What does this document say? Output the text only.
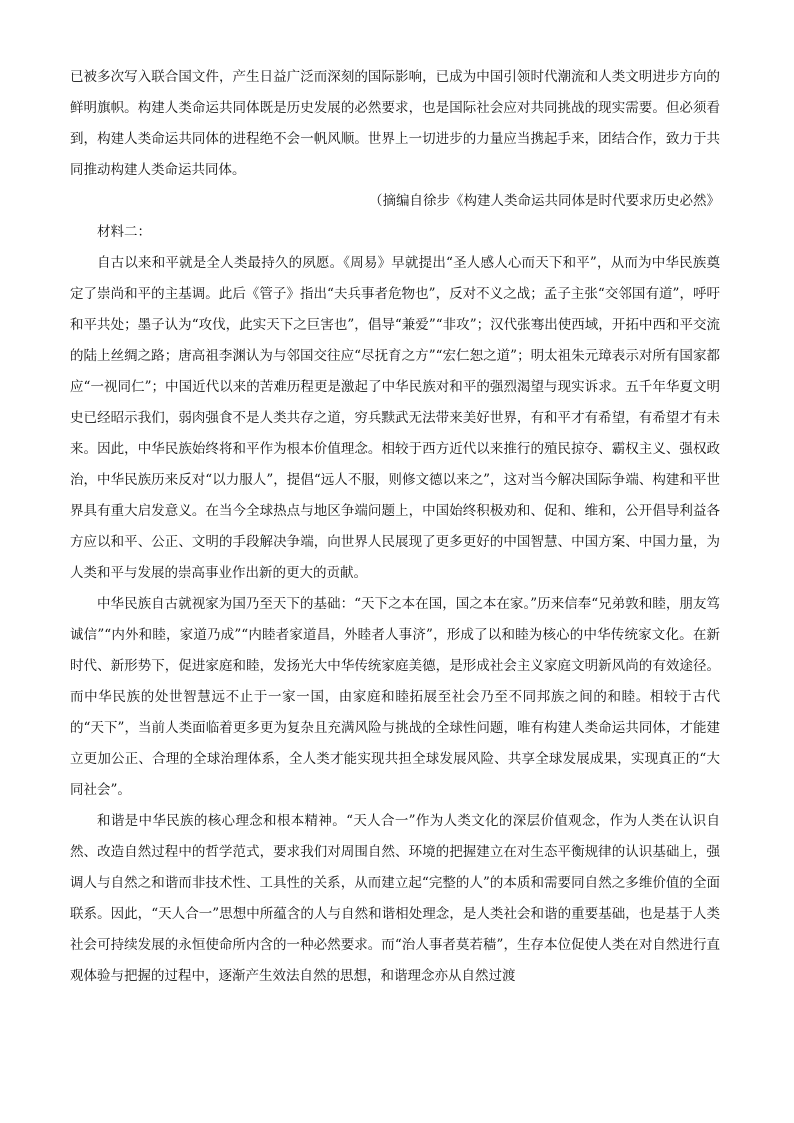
已被多次写入联合国文件，产生日益广泛而深刻的国际影响，已成为中国引领时代潮流和人类文明进步方向的鲜明旗帜。构建人类命运共同体既是历史发展的必然要求，也是国际社会应对共同挑战的现实需要。但必须看到，构建人类命运共同体的进程绝不会一帆风顺。世界上一切进步的力量应当携起手来，团结合作，致力于共同推动构建人类命运共同体。

（摘编自徐步《构建人类命运共同体是时代要求历史必然》

材料二：

自古以来和平就是全人类最持久的夙愿。《周易》早就提出“圣人感人心而天下和平”，从而为中华民族奠定了崇尚和平的主基调。此后《管子》指出“夫兵事者危物也”，反对不义之战；孟子主张“交邻国有道”，呼吁和平共处；墨子认为“攻伐，此实天下之巨害也”，倡导“兼爱”“非攻”；汉代张骞出使西域，开拓中西和平交流的陆上丝绸之路；唐高祖李渊认为与邻国交往应“尽抚育之方”“宏仁恕之道”；明太祖朱元璋表示对所有国家都应“一视同仁”；中国近代以来的苦难历程更是激起了中华民族对和平的强烈渴望与现实诉求。五千年华夏文明史已经昭示我们，弱肉强食不是人类共存之道，穷兵黩武无法带来美好世界，有和平才有希望，有希望才有未来。因此，中华民族始终将和平作为根本价值理念。相较于西方近代以来推行的殖民掠夺、霸权主义、强权政治，中华民族历来反对“以力服人”，提倡“远人不服，则修文德以来之”，这对当今解决国际争端、构建和平世界具有重大启发意义。在当今全球热点与地区争端问题上，中国始终积极劝和、促和、维和，公开倡导利益各方应以和平、公正、文明的手段解决争端，向世界人民展现了更多更好的中国智慧、中国方案、中国力量，为人类和平与发展的崇高事业作出新的更大的贡献。

中华民族自古就视家为国乃至天下的基础：“天下之本在国，国之本在家。”历来信奉“兄弟敦和睦，朋友笃诚信”“内外和睦，家道乃成”“内睦者家道昌，外睦者人事济”，形成了以和睦为核心的中华传统家文化。在新时代、新形势下，促进家庭和睦，发扬光大中华传统家庭美德，是形成社会主义家庭文明新风尚的有效途径。而中华民族的处世智慧远不止于一家一国，由家庭和睦拓展至社会乃至不同邦族之间的和睦。相较于古代的“天下”，当前人类面临着更多更为复杂且充满风险与挑战的全球性问题，唯有构建人类命运共同体，才能建立更加公正、合理的全球治理体系，全人类才能实现共担全球发展风险、共享全球发展成果，实现真正的“大同社会”。

和谐是中华民族的核心理念和根本精神。“天人合一”作为人类文化的深层价值观念，作为人类在认识自然、改造自然过程中的哲学范式，要求我们对周围自然、环境的把握建立在对生态平衡规律的认识基础上，强调人与自然之和谐而非技术性、工具性的关系，从而建立起“完整的人”的本质和需要同自然之多维价值的全面联系。因此，“天人合一”思想中所蕴含的人与自然和谐相处理念，是人类社会和谐的重要基础，也是基于人类社会可持续发展的永恒使命所内含的一种必然要求。而“治人事者莫若穑”，生存本位促使人类在对自然进行直观体验与把握的过程中，逐渐产生效法自然的思想，和谐理念亦从自然过渡
